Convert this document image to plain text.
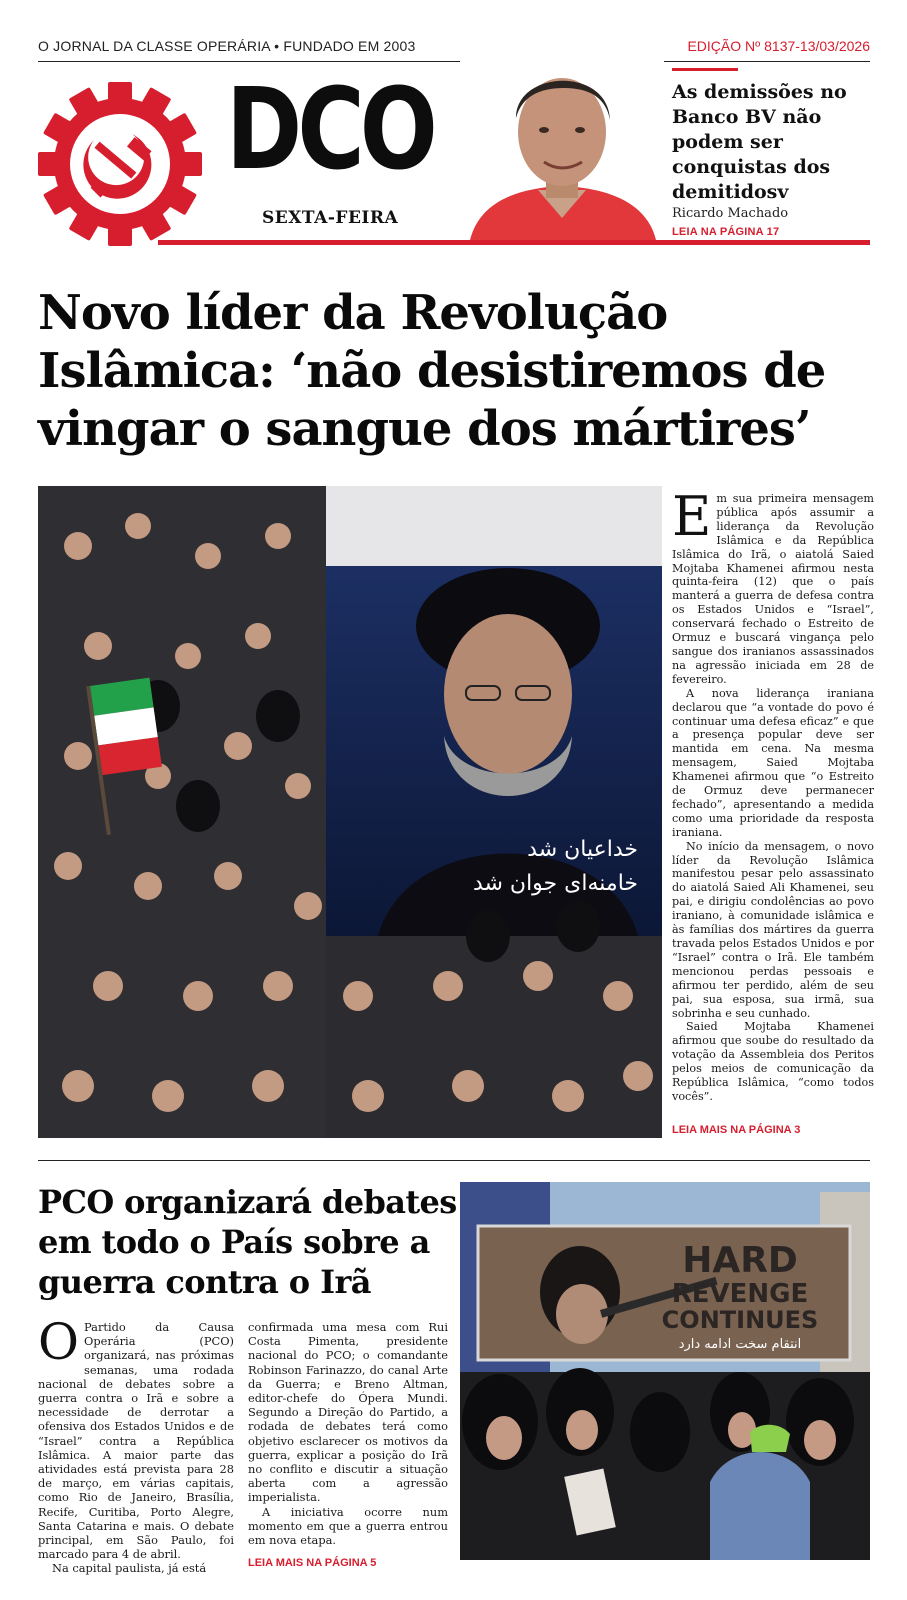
O JORNAL DA CLASSE OPERÁRIA • FUNDADO EM 2003	EDIÇÃO Nº 8137-13/03/2026
DCO
SEXTA-FEIRA
As demissões no Banco BV não podem ser conquistas dos demitidosv
Ricardo Machado
LEIA NA PÁGINA 17
Novo líder da Revolução Islâmica: ‘não desistiremos de vingar o sangue dos mártires’
خداعیان شد
خامنه‌ای جوان شد

Em sua primeira mensagem pública após assumir a liderança da Revolução Islâmica e da República Islâmica do Irã, o aiatolá Saied Mojtaba Khamenei afirmou nesta quinta-feira (12) que o país manterá a guerra de defesa contra os Estados Unidos e “Israel”, conservará fechado o Estreito de Ormuz e buscará vingança pelo sangue dos iranianos assassinados na agressão iniciada em 28 de fevereiro.

A nova liderança iraniana declarou que “a vontade do povo é continuar uma defesa eficaz” e que a presença popular deve ser mantida em cena. Na mesma mensagem, Saied Mojtaba Khamenei afirmou que “o Estreito de Ormuz deve permanecer fechado”, apresentando a medida como uma prioridade da resposta iraniana.

No início da mensagem, o novo líder da Revolução Islâmica manifestou pesar pelo assassinato do aiatolá Saied Ali Khamenei, seu pai, e dirigiu condolências ao povo iraniano, à comunidade islâmica e às famílias dos mártires da guerra travada pelos Estados Unidos e por “Israel” contra o Irã. Ele também mencionou perdas pessoais e afirmou ter perdido, além de seu pai, sua esposa, sua irmã, sua sobrinha e seu cunhado.

Saied Mojtaba Khamenei afirmou que soube do resultado da votação da Assembleia dos Peritos pelos meios de comunicação da República Islâmica, “como todos vocês”.

LEIA MAIS NA PÁGINA 3
PCO organizará debates em todo o País sobre a guerra contra o Irã

O Partido da Causa Operária (PCO) organizará, nas próximas semanas, uma rodada nacional de debates sobre a guerra contra o Irã e sobre a necessidade de derrotar a ofensiva dos Estados Unidos e de “Israel” contra a República Islâmica. A maior parte das atividades está prevista para 28 de março, em várias capitais, como Rio de Janeiro, Brasília, Recife, Curitiba, Porto Alegre, Santa Catarina e mais. O debate principal, em São Paulo, foi marcado para 4 de abril.

Na capital paulista, já está

confirmada uma mesa com Rui Costa Pimenta, presidente nacional do PCO; o comandante Robinson Farinazzo, do canal Arte da Guerra; e Breno Altman, editor-chefe do Ópera Mundi. Segundo a Direção do Partido, a rodada de debates terá como objetivo esclarecer os motivos da guerra, explicar a posição do Irã no conflito e discutir a situação aberta com a agressão imperialista.

A iniciativa ocorre num momento em que a guerra entrou em nova etapa.

LEIA MAIS NA PÁGINA 5
HARD
REVENGE
CONTINUES
انتقام سخت ادامه دارد
